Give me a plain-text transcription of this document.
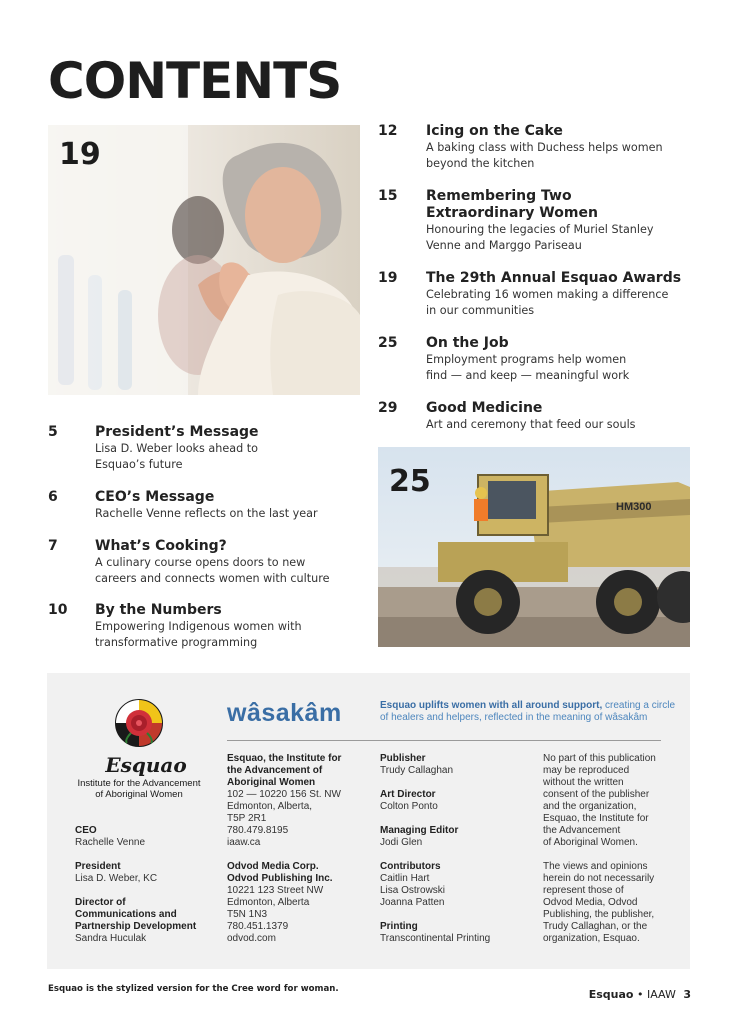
CONTENTS
19
5	President’s Message
Lisa D. Weber looks ahead to
Esquao’s future
6	CEO’s Message
Rachelle Venne reflects on the last year
7	What’s Cooking?
A culinary course opens doors to new
careers and connects women with culture
10 By the Numbers
Empowering Indigenous women with
transformative programming
12 Icing on the Cake
A baking class with Duchess helps women
beyond the kitchen
15 Remembering Two
Extraordinary Women
Honouring the legacies of Muriel Stanley
Venne and Marggo Pariseau
19 The 29th Annual Esquao Awards
Celebrating 16 women making a difference
in our communities
25 On the Job
Employment programs help women
find — and keep — meaningful work
29 Good Medicine
Art and ceremony that feed our souls
HM300
25
Esquao
Institute for the Advancement
of Aboriginal Women
wâsakâm	Esquao uplifts women with all around support, creating a circle of healers and helpers, reflected in the meaning of wâsakâm
CEO
Rachelle Venne
President
Lisa D. Weber, KC
Director of
Communications and
Partnership Development
Sandra Huculak
Esquao, the Institute for
the Advancement of
Aboriginal Women
102 — 10220 156 St. NW
Edmonton, Alberta,
T5P 2R1
780.479.8195
iaaw.ca
Odvod Media Corp.
Odvod Publishing Inc.
10221 123 Street NW
Edmonton, Alberta
T5N 1N3
780.451.1379
odvod.com
Publisher
Trudy Callaghan
Art Director
Colton Ponto
Managing Editor
Jodi Glen
Contributors
Caitlin Hart
Lisa Ostrowski
Joanna Patten
Printing
Transcontinental Printing
No part of this publication
may be reproduced
without the written
consent of the publisher
and the organization,
Esquao, the Institute for
the Advancement
of Aboriginal Women.
The views and opinions
herein do not necessarily
represent those of
Odvod Media, Odvod
Publishing, the publisher,
Trudy Callaghan, or the
organization, Esquao.
Esquao is the stylized version for the Cree word for woman.	Esquao • IAAW 3
